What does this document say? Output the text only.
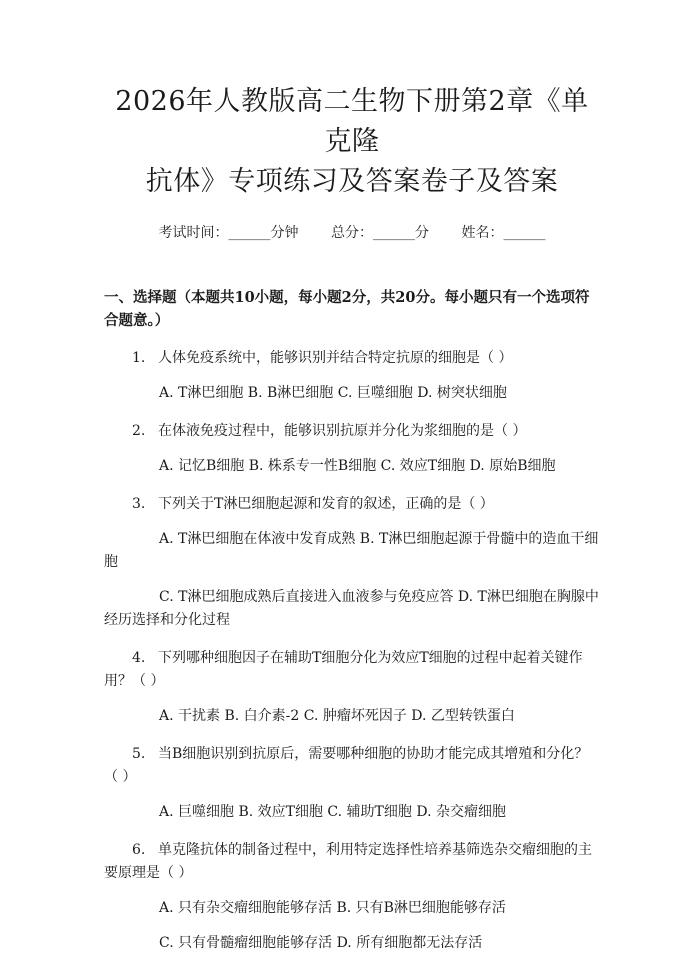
2026年人教版高二生物下册第2章《单克隆
抗体》专项练习及答案卷子及答案
考试时间：______分钟 总分：______分 姓名：______
一、选择题（本题共10小题，每小题2分，共20分。每小题只有一个选项符合题意。）
1. 人体免疫系统中，能够识别并结合特定抗原的细胞是（ ）
A. T淋巴细胞 B. B淋巴细胞 C. 巨噬细胞 D. 树突状细胞
2. 在体液免疫过程中，能够识别抗原并分化为浆细胞的是（ ）
A. 记忆B细胞 B. 株系专一性B细胞 C. 效应T细胞 D. 原始B细胞
3. 下列关于T淋巴细胞起源和发育的叙述，正确的是（ ）
A. T淋巴细胞在体液中发育成熟 B. T淋巴细胞起源于骨髓中的造血干细胞
C. T淋巴细胞成熟后直接进入血液参与免疫应答 D. T淋巴细胞在胸腺中经历选择和分化过程
4. 下列哪种细胞因子在辅助T细胞分化为效应T细胞的过程中起着关键作用？（ ）
A. 干扰素 B. 白介素-2 C. 肿瘤坏死因子 D. 乙型转铁蛋白
5. 当B细胞识别到抗原后，需要哪种细胞的协助才能完成其增殖和分化？（ ）
A. 巨噬细胞 B. 效应T细胞 C. 辅助T细胞 D. 杂交瘤细胞
6. 单克隆抗体的制备过程中，利用特定选择性培养基筛选杂交瘤细胞的主要原理是（ ）
A. 只有杂交瘤细胞能够存活 B. 只有B淋巴细胞能够存活
C. 只有骨髓瘤细胞能够存活 D. 所有细胞都无法存活
